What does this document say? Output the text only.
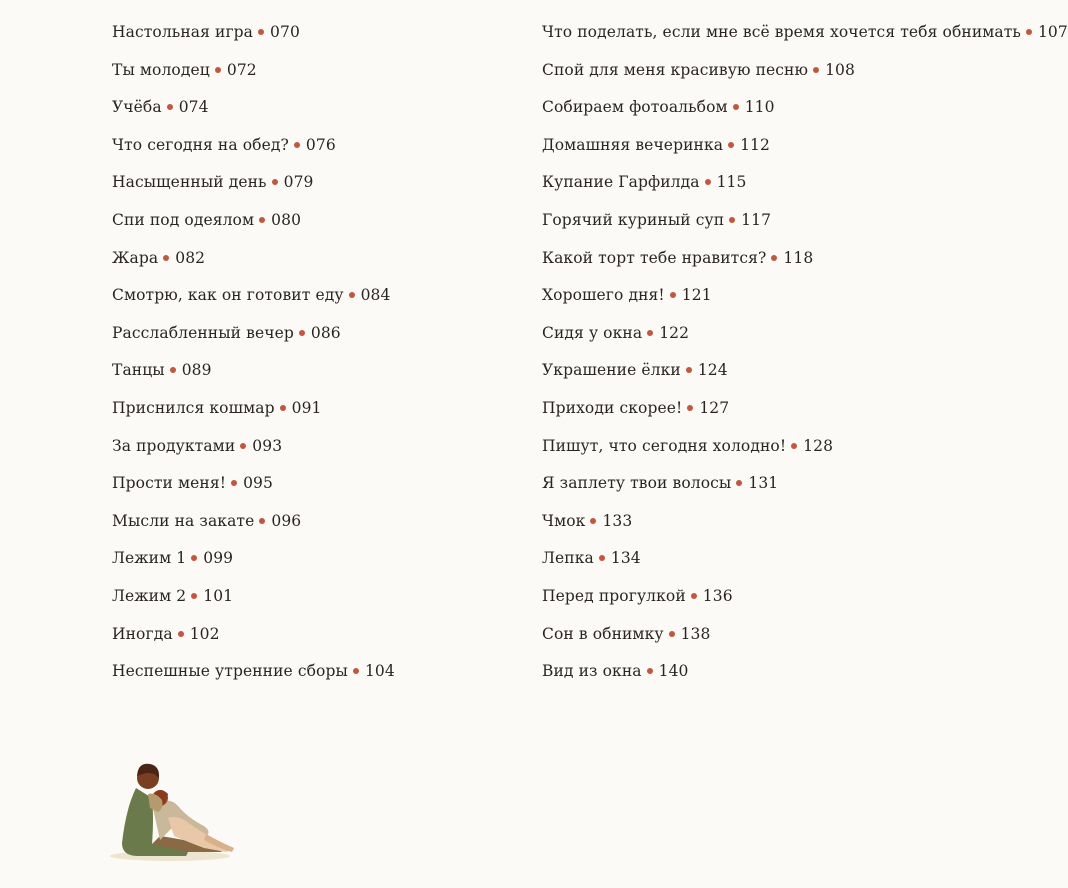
Настольная игра 070
Ты молодец 072
Учёба 074
Что сегодня на обед? 076
Насыщенный день 079
Спи под одеялом 080
Жара 082
Смотрю, как он готовит еду 084
Расслабленный вечер 086
Танцы 089
Приснился кошмар 091
За продуктами 093
Прости меня! 095
Мысли на закате 096
Лежим 1 099
Лежим 2 101
Иногда 102
Неспешные утренние сборы 104
Что поделать, если мне всё время хочется тебя обнимать 107
Спой для меня красивую песню 108
Собираем фотоальбом 110
Домашняя вечеринка 112
Купание Гарфилда 115
Горячий куриный суп 117
Какой торт тебе нравится? 118
Хорошего дня! 121
Сидя у окна 122
Украшение ёлки 124
Приходи скорее! 127
Пишут, что сегодня холодно! 128
Я заплету твои волосы 131
Чмок 133
Лепка 134
Перед прогулкой 136
Сон в обнимку 138
Вид из окна 140
